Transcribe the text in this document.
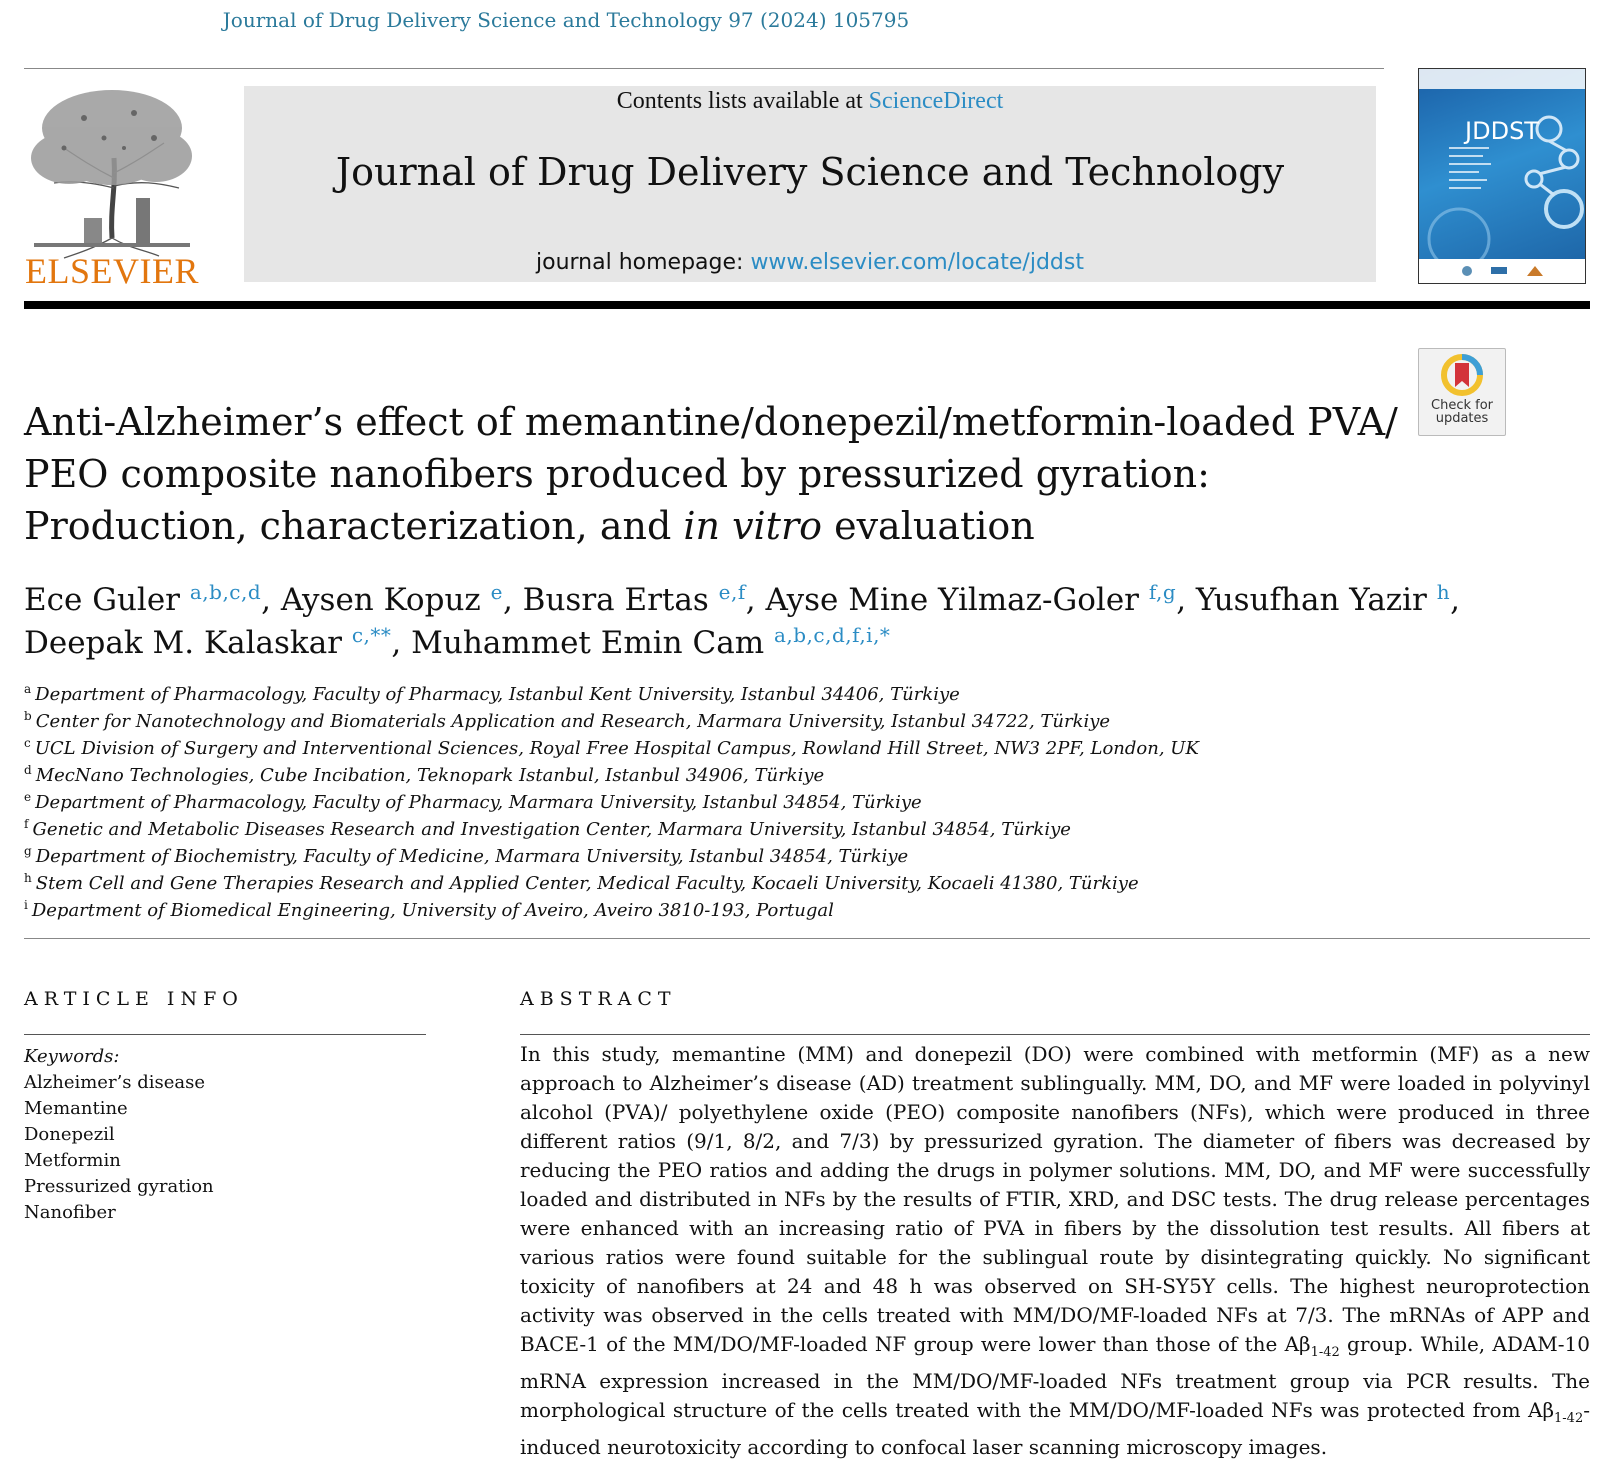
Journal of Drug Delivery Science and Technology 97 (2024) 105795
ELSEVIER
Contents lists available at ScienceDirect
Journal of Drug Delivery Science and Technology
journal homepage: www.elsevier.com/locate/jddst
JDDST
Check for updates
Anti-Alzheimer’s effect of memantine/donepezil/metformin-loaded PVA/ PEO composite nanofibers produced by pressurized gyration: Production, characterization, and in vitro evaluation
Ece Guler $^{a,b,c,d}$, Aysen Kopuz $^e$, Busra Ertas $^{e,f}$, Ayse Mine Yilmaz-Goler $^{f,g}$, Yusufhan Yazir $^h$,
Deepak M. Kalaskar $^{c,**}$, Muhammet Emin Cam $^{a,b,c,d,f,i,*}$
$^a$ Department of Pharmacology, Faculty of Pharmacy, Istanbul Kent University, Istanbul 34406, Türkiye
$^b$ Center for Nanotechnology and Biomaterials Application and Research, Marmara University, Istanbul 34722, Türkiye
$^c$ UCL Division of Surgery and Interventional Sciences, Royal Free Hospital Campus, Rowland Hill Street, NW3 2PF, London, UK
$^d$ MecNano Technologies, Cube Incibation, Teknopark Istanbul, Istanbul 34906, Türkiye
$^e$ Department of Pharmacology, Faculty of Pharmacy, Marmara University, Istanbul 34854, Türkiye
$^f$ Genetic and Metabolic Diseases Research and Investigation Center, Marmara University, Istanbul 34854, Türkiye
$^g$ Department of Biochemistry, Faculty of Medicine, Marmara University, Istanbul 34854, Türkiye
$^h$ Stem Cell and Gene Therapies Research and Applied Center, Medical Faculty, Kocaeli University, Kocaeli 41380, Türkiye
$^i$ Department of Biomedical Engineering, University of Aveiro, Aveiro 3810-193, Portugal
ARTICLE INFO
Keywords:
Alzheimer’s disease
Memantine
Donepezil
Metformin
Pressurized gyration
Nanofiber
ABSTRACT
In this study, memantine (MM) and donepezil (DO) were combined with metformin (MF) as a new approach to Alzheimer’s disease (AD) treatment sublingually. MM, DO, and MF were loaded in polyvinyl alcohol (PVA)/ polyethylene oxide (PEO) composite nanofibers (NFs), which were produced in three different ratios (9/1, 8/2, and 7/3) by pressurized gyration. The diameter of fibers was decreased by reducing the PEO ratios and adding the drugs in polymer solutions. MM, DO, and MF were successfully loaded and distributed in NFs by the results of FTIR, XRD, and DSC tests. The drug release percentages were enhanced with an increasing ratio of PVA in fibers by the dissolution test results. All fibers at various ratios were found suitable for the sublingual route by disintegrating quickly. No significant toxicity of nanofibers at 24 and 48 h was observed on SH-SY5Y cells. The highest neuroprotection activity was observed in the cells treated with MM/DO/MF-loaded NFs at 7/3. The mRNAs of APP and BACE-1 of the MM/DO/MF-loaded NF group were lower than those of the $A\beta_{1-42}$ group. While, ADAM-10 mRNA expression increased in the MM/DO/MF-loaded NFs treatment group via PCR results. The morphological structure of the cells treated with the MM/DO/MF-loaded NFs was protected from $A\beta_{1-42}$-induced neurotoxicity according to confocal laser scanning microscopy images.
